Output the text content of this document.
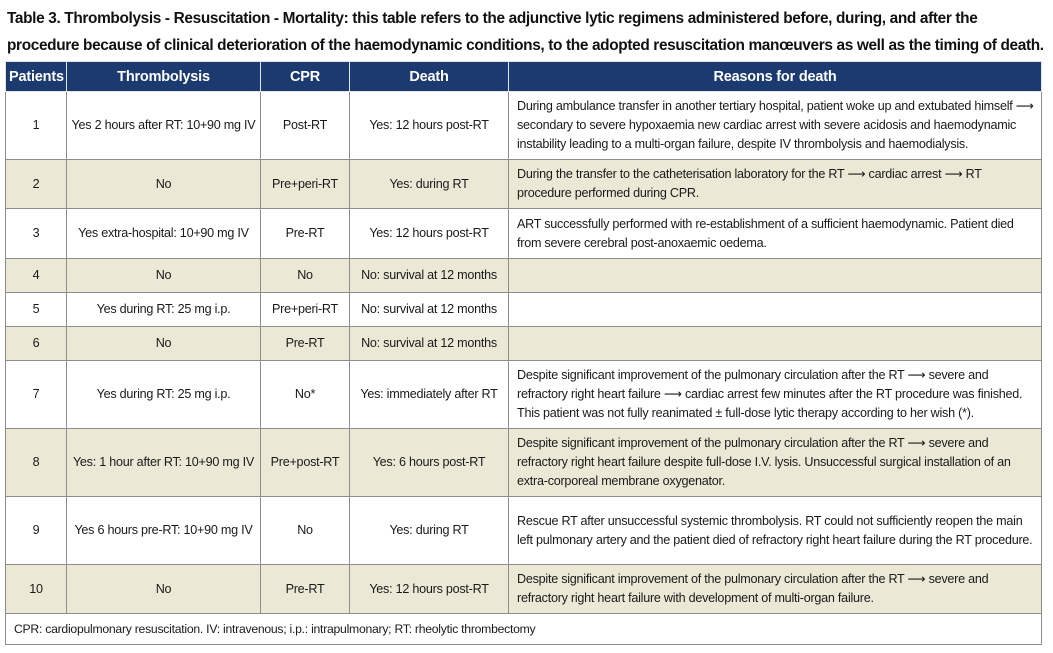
Table 3. Thrombolysis - Resuscitation - Mortality: this table refers to the adjunctive lytic regimens administered before, during, and after the procedure because of clinical deterioration of the haemodynamic conditions, to the adopted resuscitation manœuvers as well as the timing of death.
Patients	Thrombolysis	CPR	Death	Reasons for death
1	Yes 2 hours after RT: 10+90 mg IV	Post-RT	Yes: 12 hours post-RT	During ambulance transfer in another tertiary hospital, patient woke up and extubated himself ⟶ secondary to severe hypoxaemia new cardiac arrest with severe acidosis and haemodynamic instability leading to a multi-organ failure, despite IV thrombolysis and haemodialysis.
2	No	Pre+peri-RT	Yes: during RT	During the transfer to the catheterisation laboratory for the RT ⟶ cardiac arrest ⟶ RT procedure performed during CPR.
3	Yes extra-hospital: 10+90 mg IV	Pre-RT	Yes: 12 hours post-RT	ART successfully performed with re-establishment of a sufficient haemodynamic. Patient died from severe cerebral post-anoxaemic oedema.
4	No	No	No: survival at 12 months	
5	Yes during RT: 25 mg i.p.	Pre+peri-RT	No: survival at 12 months	
6	No	Pre-RT	No: survival at 12 months	
7	Yes during RT: 25 mg i.p.	No*	Yes: immediately after RT	Despite significant improvement of the pulmonary circulation after the RT ⟶ severe and refractory right heart failure ⟶ cardiac arrest few minutes after the RT procedure was finished. This patient was not fully reanimated ± full-dose lytic therapy according to her wish (*).
8	Yes: 1 hour after RT: 10+90 mg IV	Pre+post-RT	Yes: 6 hours post-RT	Despite significant improvement of the pulmonary circulation after the RT ⟶ severe and refractory right heart failure despite full-dose I.V. lysis. Unsuccessful surgical installation of an extra-corporeal membrane oxygenator.
9	Yes 6 hours pre-RT: 10+90 mg IV	No	Yes: during RT	Rescue RT after unsuccessful systemic thrombolysis. RT could not sufficiently reopen the main left pulmonary artery and the patient died of refractory right heart failure during the RT procedure.
10	No	Pre-RT	Yes: 12 hours post-RT	Despite significant improvement of the pulmonary circulation after the RT ⟶ severe and refractory right heart failure with development of multi-organ failure.
CPR: cardiopulmonary resuscitation. IV: intravenous; i.p.: intrapulmonary; RT: rheolytic thrombectomy				
